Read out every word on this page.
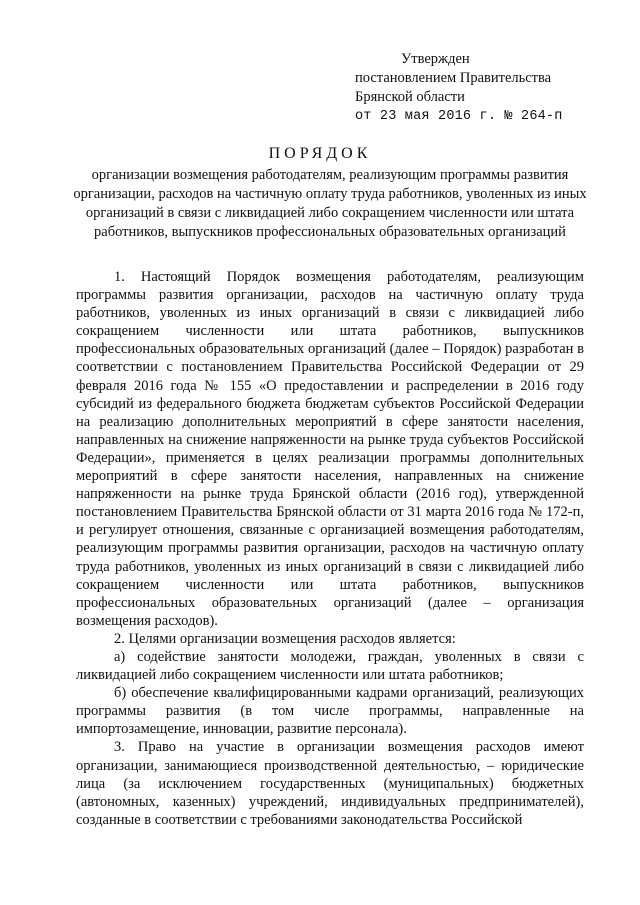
Утвержден
постановлением Правительства
Брянской области
от 23 мая 2016 г. № 264-п
ПОРЯДОК
организации возмещения работодателям, реализующим программы развития организации, расходов на частичную оплату труда работников, уволенных из иных организаций в связи с ликвидацией либо сокращением численности или штата работников, выпускников профессиональных образовательных организаций

1. Настоящий Порядок возмещения работодателям, реализующим программы развития организации, расходов на частичную оплату труда работников, уволенных из иных организаций в связи с ликвидацией либо сокращением численности или штата работников, выпускников профессиональных образовательных организаций (далее – Порядок) разработан в соответствии с постановлением Правительства Российской Федерации от 29 февраля 2016 года № 155 «О предоставлении и распределении в 2016 году субсидий из федерального бюджета бюджетам субъектов Российской Федерации на реализацию дополнительных мероприятий в сфере занятости населения, направленных на снижение напряженности на рынке труда субъектов Российской Федерации», применяется в целях реализации программы дополнительных мероприятий в сфере занятости населения, направленных на снижение напряженности на рынке труда Брянской области (2016 год), утвержденной постановлением Правительства Брянской области от 31 марта 2016 года № 172-п, и регулирует отношения, связанные с организацией возмещения работодателям, реализующим программы развития организации, расходов на частичную оплату труда работников, уволенных из иных организаций в связи с ликвидацией либо сокращением численности или штата работников, выпускников профессиональных образовательных организаций (далее – организация возмещения расходов).

2. Целями организации возмещения расходов является:

а) содействие занятости молодежи, граждан, уволенных в связи с ликвидацией либо сокращением численности или штата работников;

б) обеспечение квалифицированными кадрами организаций, реализующих программы развития (в том числе программы, направленные на импортозамещение, инновации, развитие персонала).

3. Право на участие в организации возмещения расходов имеют организации, занимающиеся производственной деятельностью, – юридические лица (за исключением государственных (муниципальных) бюджетных (автономных, казенных) учреждений, индивидуальных предпринимателей), созданные в соответствии с требованиями законодательства Российской
